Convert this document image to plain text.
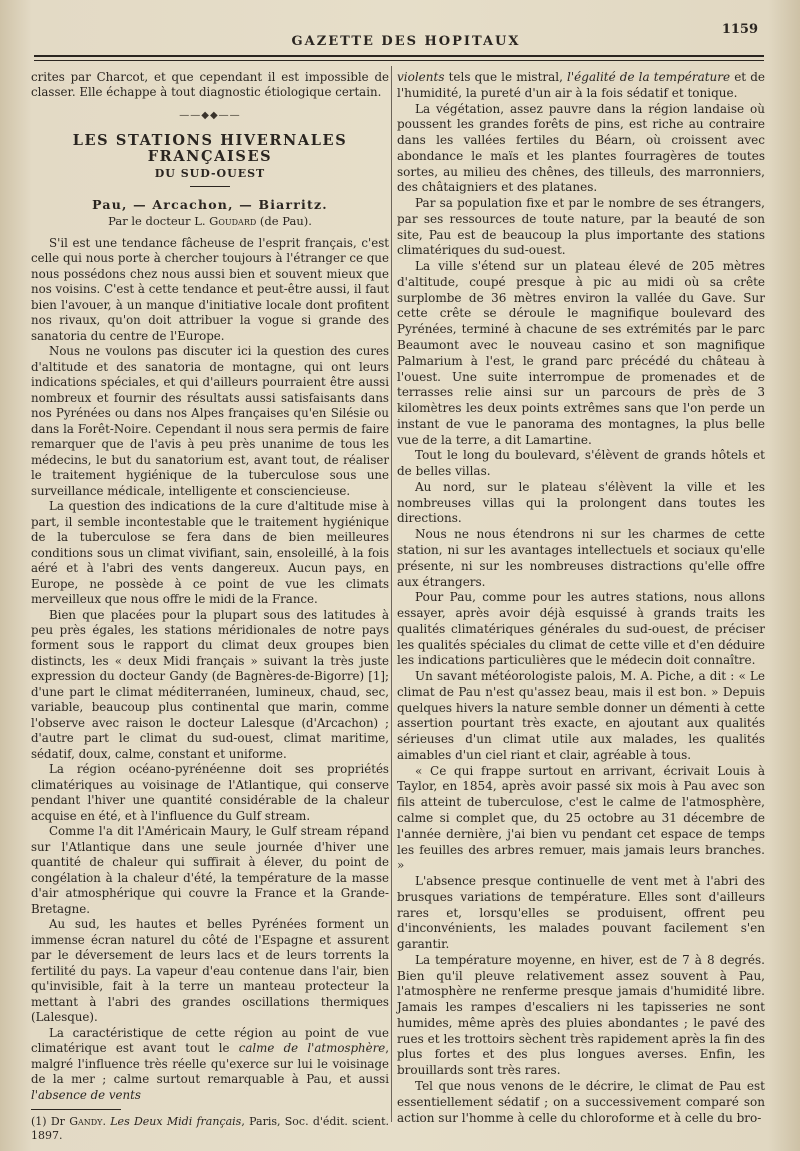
GAZETTE DES HOPITAUX
1159

crites par Charcot, et que cependant il est impossible de classer. Elle échappe à tout diagnostic étiologique certain.

——◆◆——
LES STATIONS HIVERNALES FRANÇAISES
DU SUD-OUEST
Pau, — Arcachon, — Biarritz.
Par le docteur L. Goudard (de Pau).

S'il est une tendance fâcheuse de l'esprit français, c'est celle qui nous porte à chercher toujours à l'étranger ce que nous possédons chez nous aussi bien et souvent mieux que nos voisins. C'est à cette tendance et peut-être aussi, il faut bien l'avouer, à un manque d'initiative locale dont profitent nos rivaux, qu'on doit attribuer la vogue si grande des sanatoria du centre de l'Europe.

Nous ne voulons pas discuter ici la question des cures d'altitude et des sanatoria de montagne, qui ont leurs indications spéciales, et qui d'ailleurs pourraient être aussi nombreux et fournir des résultats aussi satisfaisants dans nos Pyrénées ou dans nos Alpes françaises qu'en Silésie ou dans la Forêt-Noire. Cependant il nous sera permis de faire remarquer que de l'avis à peu près unanime de tous les médecins, le but du sanatorium est, avant tout, de réaliser le traitement hygiénique de la tuberculose sous une surveillance médicale, intelligente et consciencieuse.

La question des indications de la cure d'altitude mise à part, il semble incontestable que le traitement hygiénique de la tuberculose se fera dans de bien meilleures conditions sous un climat vivifiant, sain, ensoleillé, à la fois aéré et à l'abri des vents dangereux. Aucun pays, en Europe, ne possède à ce point de vue les climats merveilleux que nous offre le midi de la France.

Bien que placées pour la plupart sous des latitudes à peu près égales, les stations méridionales de notre pays forment sous le rapport du climat deux groupes bien distincts, les « deux Midi français » suivant la très juste expression du docteur Gandy (de Bagnères-de-Bigorre) [1]; d'une part le climat méditerranéen, lumineux, chaud, sec, variable, beaucoup plus continental que marin, comme l'observe avec raison le docteur Lalesque (d'Arcachon) ; d'autre part le climat du sud-ouest, climat maritime, sédatif, doux, calme, constant et uniforme.

La région océano-pyrénéenne doit ses propriétés climatériques au voisinage de l'Atlantique, qui conserve pendant l'hiver une quantité considérable de la chaleur acquise en été, et à l'influence du Gulf stream.

Comme l'a dit l'Américain Maury, le Gulf stream répand sur l'Atlantique dans une seule journée d'hiver une quantité de chaleur qui suffirait à élever, du point de congélation à la chaleur d'été, la température de la masse d'air atmosphérique qui couvre la France et la Grande-Bretagne.

Au sud, les hautes et belles Pyrénées forment un immense écran naturel du côté de l'Espagne et assurent par le déversement de leurs lacs et de leurs torrents la fertilité du pays. La vapeur d'eau contenue dans l'air, bien qu'invisible, fait à la terre un manteau protecteur la mettant à l'abri des grandes oscillations thermiques (Lalesque).

La caractéristique de cette région au point de vue climatérique est avant tout le calme de l'atmosphère, malgré l'influence très réelle qu'exerce sur lui le voisinage de la mer ; calme surtout remarquable à Pau, et aussi l'absence de vents

(1) Dr Gandy. Les Deux Midi français, Paris, Soc. d'édit. scient. 1897.

violents tels que le mistral, l'égalité de la température et de l'humidité, la pureté d'un air à la fois sédatif et tonique.

La végétation, assez pauvre dans la région landaise où poussent les grandes forêts de pins, est riche au contraire dans les vallées fertiles du Béarn, où croissent avec abondance le maïs et les plantes fourragères de toutes sortes, au milieu des chênes, des tilleuls, des marronniers, des châtaigniers et des platanes.

Par sa population fixe et par le nombre de ses étrangers, par ses ressources de toute nature, par la beauté de son site, Pau est de beaucoup la plus importante des stations climatériques du sud-ouest.

La ville s'étend sur un plateau élevé de 205 mètres d'altitude, coupé presque à pic au midi où sa crête surplombe de 36 mètres environ la vallée du Gave. Sur cette crête se déroule le magnifique boulevard des Pyrénées, terminé à chacune de ses extrémités par le parc Beaumont avec le nouveau casino et son magnifique Palmarium à l'est, le grand parc précédé du château à l'ouest. Une suite interrompue de promenades et de terrasses relie ainsi sur un parcours de près de 3 kilomètres les deux points extrêmes sans que l'on perde un instant de vue le panorama des montagnes, la plus belle vue de la terre, a dit Lamartine.

Tout le long du boulevard, s'élèvent de grands hôtels et de belles villas.

Au nord, sur le plateau s'élèvent la ville et les nombreuses villas qui la prolongent dans toutes les directions.

Nous ne nous étendrons ni sur les charmes de cette station, ni sur les avantages intellectuels et sociaux qu'elle présente, ni sur les nombreuses distractions qu'elle offre aux étrangers.

Pour Pau, comme pour les autres stations, nous allons essayer, après avoir déjà esquissé à grands traits les qualités climatériques générales du sud-ouest, de préciser les qualités spéciales du climat de cette ville et d'en déduire les indications particulières que le médecin doit connaître.

Un savant météorologiste palois, M. A. Piche, a dit : « Le climat de Pau n'est qu'assez beau, mais il est bon. » Depuis quelques hivers la nature semble donner un démenti à cette assertion pourtant très exacte, en ajoutant aux qualités sérieuses d'un climat utile aux malades, les qualités aimables d'un ciel riant et clair, agréable à tous.

« Ce qui frappe surtout en arrivant, écrivait Louis à Taylor, en 1854, après avoir passé six mois à Pau avec son fils atteint de tuberculose, c'est le calme de l'atmosphère, calme si complet que, du 25 octobre au 31 décembre de l'année dernière, j'ai bien vu pendant cet espace de temps les feuilles des arbres remuer, mais jamais leurs branches. »

L'absence presque continuelle de vent met à l'abri des brusques variations de température. Elles sont d'ailleurs rares et, lorsqu'elles se produisent, offrent peu d'inconvénients, les malades pouvant facilement s'en garantir.

La température moyenne, en hiver, est de 7 à 8 degrés. Bien qu'il pleuve relativement assez souvent à Pau, l'atmosphère ne renferme presque jamais d'humidité libre. Jamais les rampes d'escaliers ni les tapisseries ne sont humides, même après des pluies abondantes ; le pavé des rues et les trottoirs sèchent très rapidement après la fin des plus fortes et des plus longues averses. Enfin, les brouillards sont très rares.

Tel que nous venons de le décrire, le climat de Pau est essentiellement sédatif ; on a successivement comparé son action sur l'homme à celle du chloroforme et à celle du bro-
